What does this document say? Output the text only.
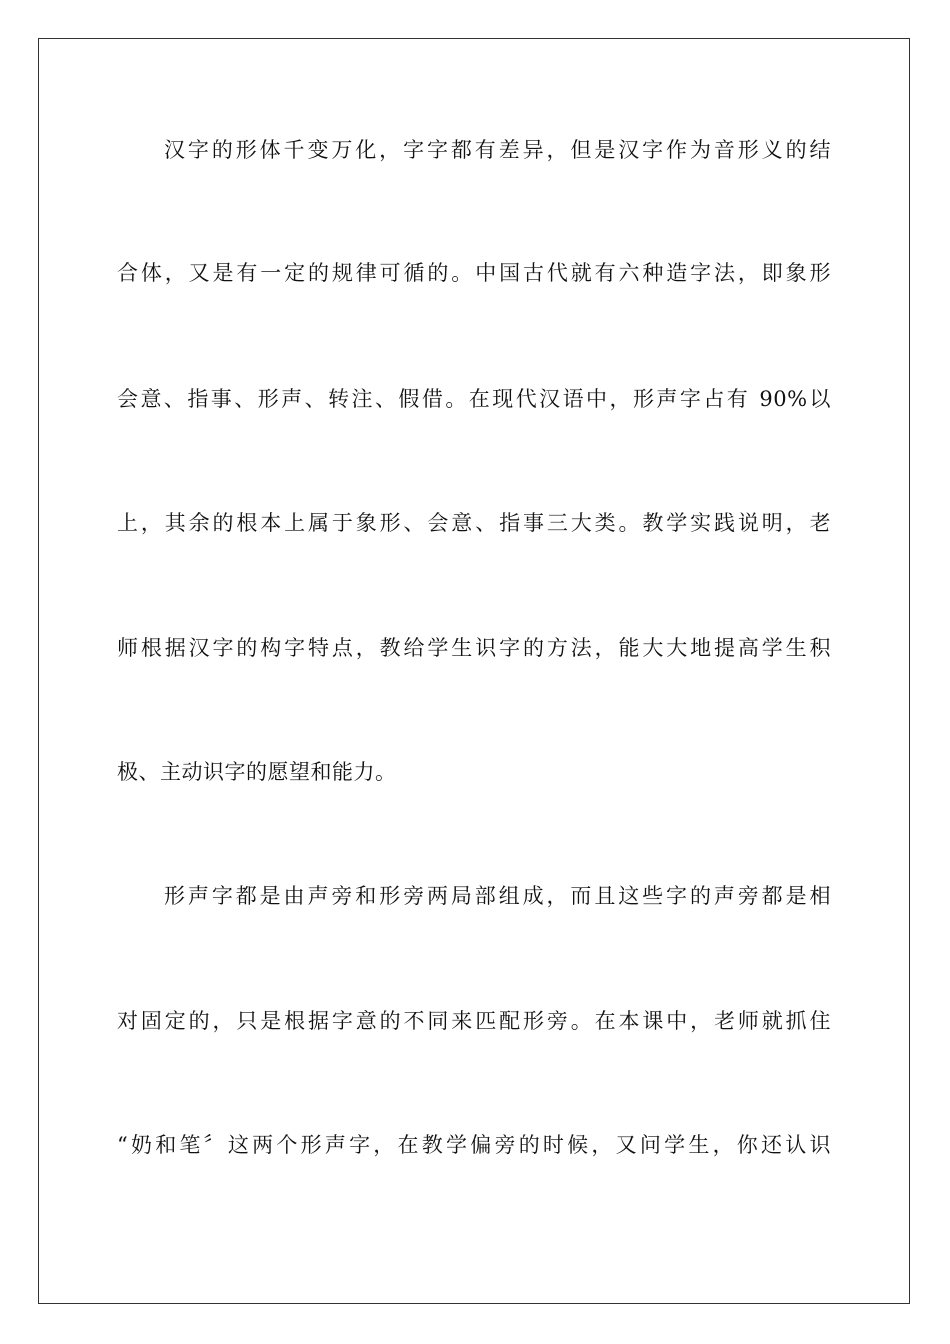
汉字的形体千变万化，字字都有差异，但是汉字作为音形义的结
合体，又是有一定的规律可循的。中国古代就有六种造字法，即象形
会意、指事、形声、转注、假借。在现代汉语中，形声字占有 90%以
上，其余的根本上属于象形、会意、指事三大类。教学实践说明，老
师根据汉字的构字特点，教给学生识字的方法，能大大地提高学生积
极、主动识字的愿望和能力。
形声字都是由声旁和形旁两局部组成，而且这些字的声旁都是相
对固定的，只是根据字意的不同来匹配形旁。在本课中，老师就抓住
“奶和笔〞这两个形声字，在教学偏旁的时候，又问学生，你还认识
